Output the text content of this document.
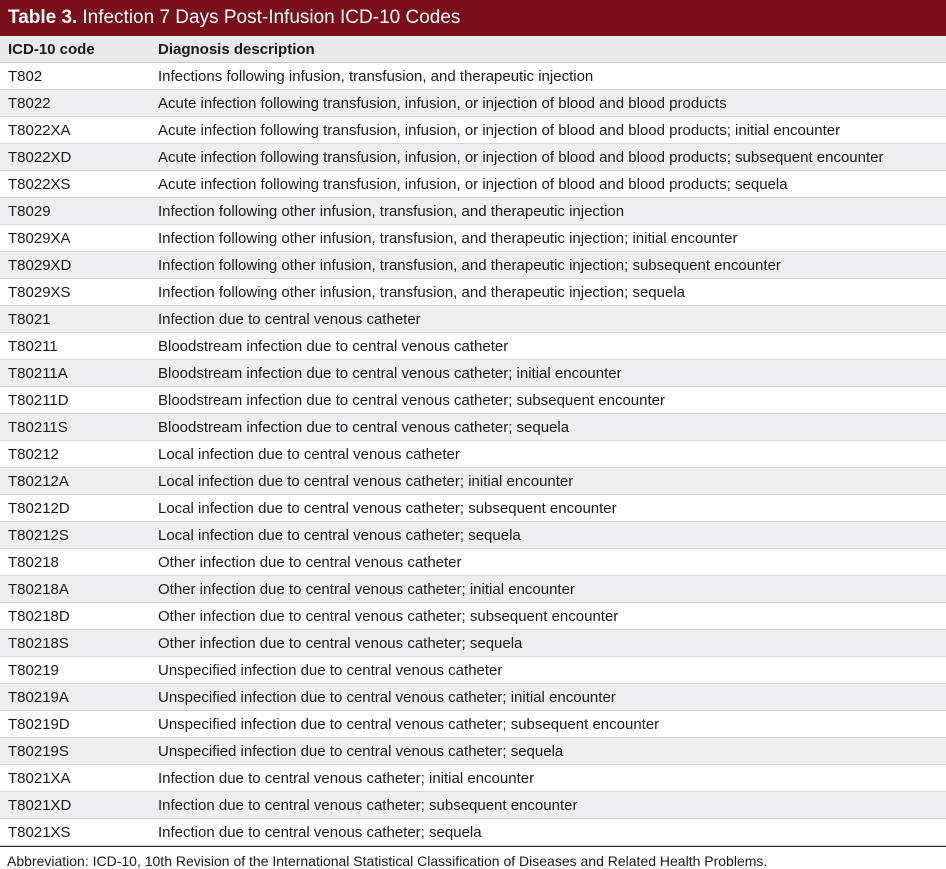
Table 3. Infection 7 Days Post-Infusion ICD-10 Codes
ICD-10 code	Diagnosis description
T802	Infections following infusion, transfusion, and therapeutic injection
T8022	Acute infection following transfusion, infusion, or injection of blood and blood products
T8022XA	Acute infection following transfusion, infusion, or injection of blood and blood products; initial encounter
T8022XD	Acute infection following transfusion, infusion, or injection of blood and blood products; subsequent encounter
T8022XS	Acute infection following transfusion, infusion, or injection of blood and blood products; sequela
T8029	Infection following other infusion, transfusion, and therapeutic injection
T8029XA	Infection following other infusion, transfusion, and therapeutic injection; initial encounter
T8029XD	Infection following other infusion, transfusion, and therapeutic injection; subsequent encounter
T8029XS	Infection following other infusion, transfusion, and therapeutic injection; sequela
T8021	Infection due to central venous catheter
T80211	Bloodstream infection due to central venous catheter
T80211A	Bloodstream infection due to central venous catheter; initial encounter
T80211D	Bloodstream infection due to central venous catheter; subsequent encounter
T80211S	Bloodstream infection due to central venous catheter; sequela
T80212	Local infection due to central venous catheter
T80212A	Local infection due to central venous catheter; initial encounter
T80212D	Local infection due to central venous catheter; subsequent encounter
T80212S	Local infection due to central venous catheter; sequela
T80218	Other infection due to central venous catheter
T80218A	Other infection due to central venous catheter; initial encounter
T80218D	Other infection due to central venous catheter; subsequent encounter
T80218S	Other infection due to central venous catheter; sequela
T80219	Unspecified infection due to central venous catheter
T80219A	Unspecified infection due to central venous catheter; initial encounter
T80219D	Unspecified infection due to central venous catheter; subsequent encounter
T80219S	Unspecified infection due to central venous catheter; sequela
T8021XA	Infection due to central venous catheter; initial encounter
T8021XD	Infection due to central venous catheter; subsequent encounter
T8021XS	Infection due to central venous catheter; sequela
Abbreviation: ICD-10, 10th Revision of the International Statistical Classification of Diseases and Related Health Problems.
